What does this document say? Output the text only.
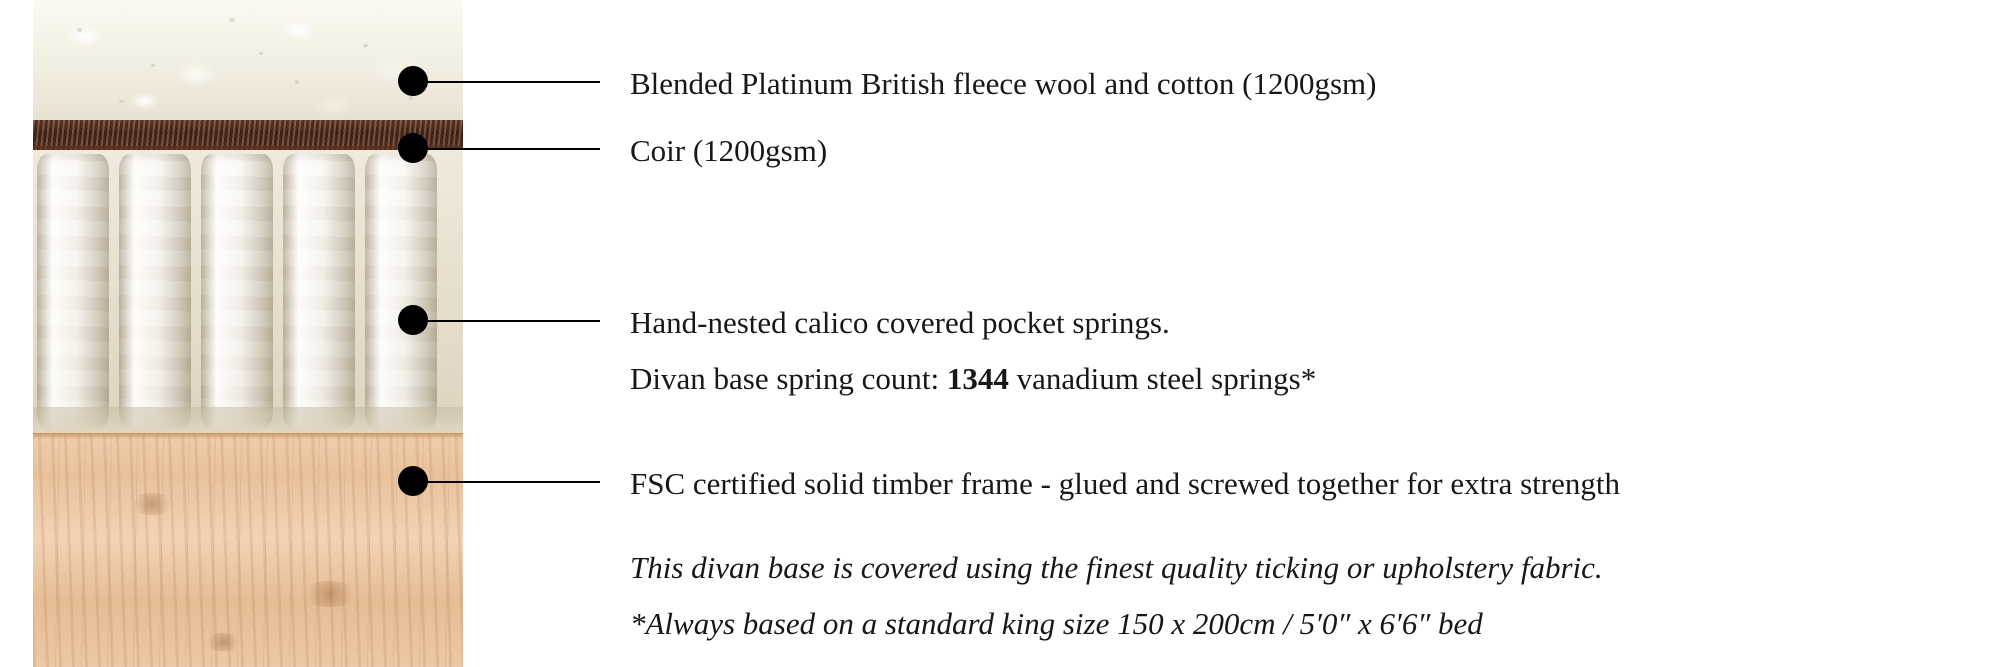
Blended Platinum British fleece wool and cotton (1200gsm)
Coir (1200gsm)
Hand-nested calico covered pocket springs.
Divan base spring count: 1344 vanadium steel springs*
FSC certified solid timber frame - glued and screwed together for extra strength
This divan base is covered using the finest quality ticking or upholstery fabric.
*Always based on a standard king size 150 x 200cm / 5′0″ x 6′6″ bed
